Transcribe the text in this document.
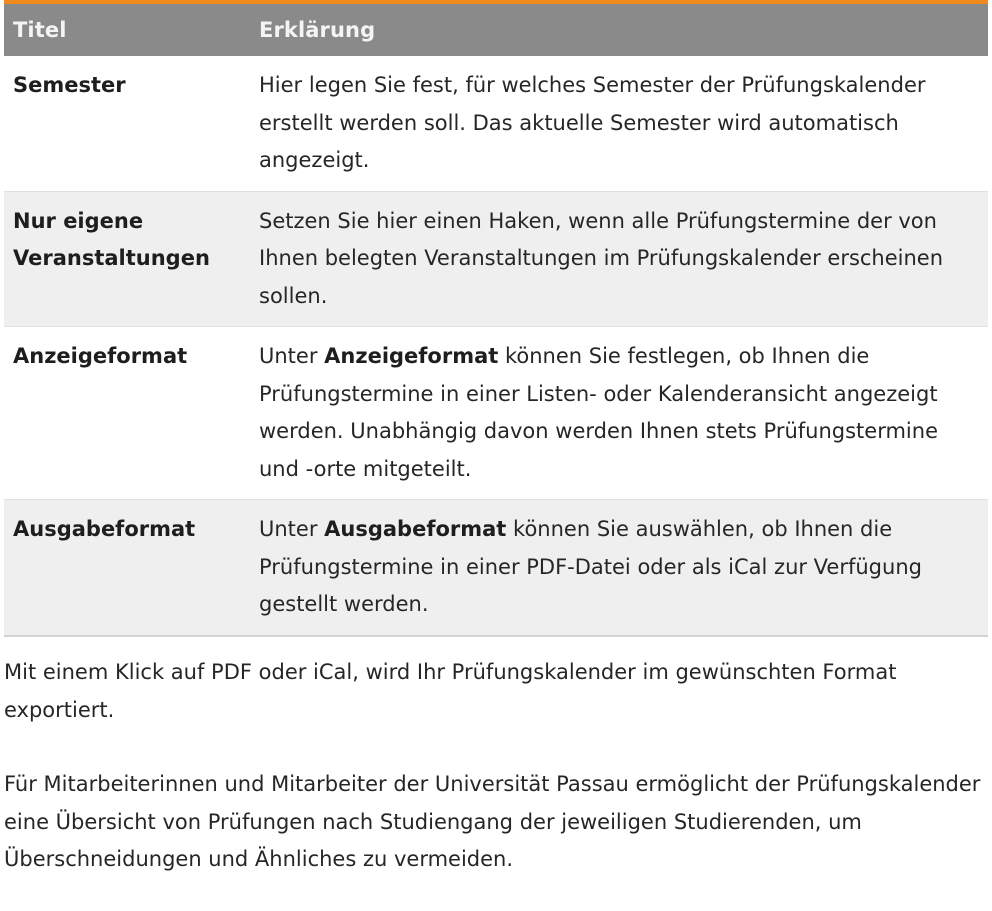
Titel	Erklärung
Semester	Hier legen Sie fest, für welches Semester der Prüfungskalender erstellt werden soll. Das aktuelle Semester wird automatisch angezeigt.
Nur eigene
Veranstaltungen	Setzen Sie hier einen Haken, wenn alle Prüfungstermine der von Ihnen belegten Veranstaltungen im Prüfungskalender erscheinen sollen.
Anzeigeformat	Unter Anzeigeformat können Sie festlegen, ob Ihnen die Prüfungstermine in einer Listen- oder Kalenderansicht angezeigt werden. Unabhängig davon werden Ihnen stets Prüfungstermine und -orte mitgeteilt.
Ausgabeformat	Unter Ausgabeformat können Sie auswählen, ob Ihnen die Prüfungstermine in einer PDF-Datei oder als iCal zur Verfügung gestellt werden.

Mit einem Klick auf PDF oder iCal, wird Ihr Prüfungskalender im gewünschten Format exportiert.

Für Mitarbeiterinnen und Mitarbeiter der Universität Passau ermöglicht der Prüfungskalender eine Übersicht von Prüfungen nach Studiengang der jeweiligen Studierenden, um Überschneidungen und Ähnliches zu vermeiden.
